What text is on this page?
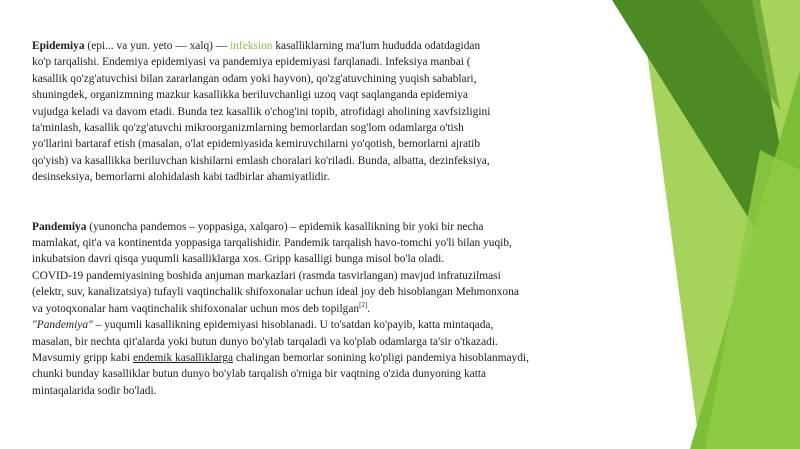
Epidemiya (epi... va yun. yeto — xalq) — infeksion kasalliklarning ma'lum hududda odatdagidan
ko'p tarqalishi. Endemiya epidemiyasi va pandemiya epidemiyasi farqlanadi. Infeksiya manbai (
kasallik qo'zg'atuvchisi bilan zararlangan odam yoki hayvon), qo'zg'atuvchining yuqish sabablari,
shuningdek, organizmning mazkur kasallikka beriluvchanligi uzoq vaqt saqlanganda epidemiya
vujudga keladi va davom etadi. Bunda tez kasallik o'chog'ini topib, atrofidagi aholining xavfsizligini
ta'minlash, kasallik qo'zg'atuvchi mikroorganizmlarning bemorlardan sog'lom odamlarga o'tish
yo'llarini bartaraf etish (masalan, o'lat epidemiyasida kemiruvchilarni yo'qotish, bemorlarni ajratib
qo'yish) va kasallikka beriluvchan kishilarni emlash choralari ko'riladi. Bunda, albatta, dezinfeksiya,
desinseksiya, bemorlarni alohidalash kabi tadbirlar ahamiyatlidir.
Pandemiya (yunoncha pandemos – yoppasiga, xalqaro) – epidemik kasallikning bir yoki bir necha
mamlakat, qit'a va kontinentda yoppasiga tarqalishidir. Pandemik tarqalish havo-tomchi yo'li bilan yuqib,
inkubatsion davri qisqa yuqumli kasalliklarga xos. Gripp kasalligi bunga misol bo'la oladi.
COVID-19 pandemiyasining boshida anjuman markazlari (rasmda tasvirlangan) mavjud infratuzilmasi
(elektr, suv, kanalizatsiya) tufayli vaqtinchalik shifoxonalar uchun ideal joy deb hisoblangan Mehmonxona
va yotoqxonalar ham vaqtinchalik shifoxonalar uchun mos deb topilgan[2].
"Pandemiya" – yuqumli kasallikning epidemiyasi hisoblanadi. U to'satdan ko'payib, katta mintaqada,
masalan, bir nechta qit'alarda yoki butun dunyo bo'ylab tarqaladi va ko'plab odamlarga ta'sir o'tkazadi.
Mavsumiy gripp kabi endemik kasalliklarga chalingan bemorlar sonining ko'pligi pandemiya hisoblanmaydi,
chunki bunday kasalliklar butun dunyo bo'ylab tarqalish o'rniga bir vaqtning o'zida dunyoning katta
mintaqalarida sodir bo'ladi.
